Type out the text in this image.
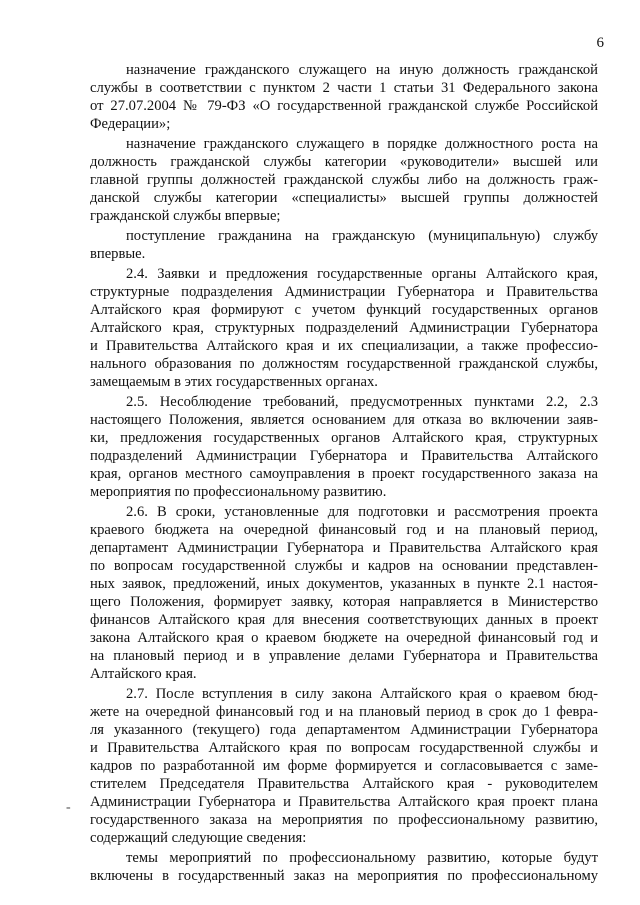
6
назначение гражданского служащего на иную должность гражданской
службы в соответствии с пунктом 2 части 1 статьи 31 Федерального закона
от 27.07.2004 № 79-ФЗ «О государственной гражданской службе Российской
Федерации»;
назначение гражданского служащего в порядке должностного роста на
должность гражданской службы категории «руководители» высшей или
главной группы должностей гражданской службы либо на должность граж-
данской службы категории «специалисты» высшей группы должностей
гражданской службы впервые;
поступление гражданина на гражданскую (муниципальную) службу
впервые.
2.4. Заявки и предложения государственные органы Алтайского края,
структурные подразделения Администрации Губернатора и Правительства
Алтайского края формируют с учетом функций государственных органов
Алтайского края, структурных подразделений Администрации Губернатора
и Правительства Алтайского края и их специализации, а также профессио-
нального образования по должностям государственной гражданской службы,
замещаемым в этих государственных органах.
2.5. Несоблюдение требований, предусмотренных пунктами 2.2, 2.3
настоящего Положения, является основанием для отказа во включении заяв-
ки, предложения государственных органов Алтайского края, структурных
подразделений Администрации Губернатора и Правительства Алтайского
края, органов местного самоуправления в проект государственного заказа на
мероприятия по профессиональному развитию.
2.6. В сроки, установленные для подготовки и рассмотрения проекта
краевого бюджета на очередной финансовый год и на плановый период,
департамент Администрации Губернатора и Правительства Алтайского края
по вопросам государственной службы и кадров на основании представлен-
ных заявок, предложений, иных документов, указанных в пункте 2.1 настоя-
щего Положения, формирует заявку, которая направляется в Министерство
финансов Алтайского края для внесения соответствующих данных в проект
закона Алтайского края о краевом бюджете на очередной финансовый год и
на плановый период и в управление делами Губернатора и Правительства
Алтайского края.
2.7. После вступления в силу закона Алтайского края о краевом бюд-
жете на очередной финансовый год и на плановый период в срок до 1 февра-
ля указанного (текущего) года департаментом Администрации Губернатора
и Правительства Алтайского края по вопросам государственной службы и
кадров по разработанной им форме формируется и согласовывается с замe-
стителем Председателя Правительства Алтайского края - руководителем
Администрации Губернатора и Правительства Алтайского края проект плана
государственного заказа на мероприятия по профессиональному развитию,
содержащий следующие сведения:
темы мероприятий по профессиональному развитию, которые будут
включены в государственный заказ на мероприятия по профессиональному
-
